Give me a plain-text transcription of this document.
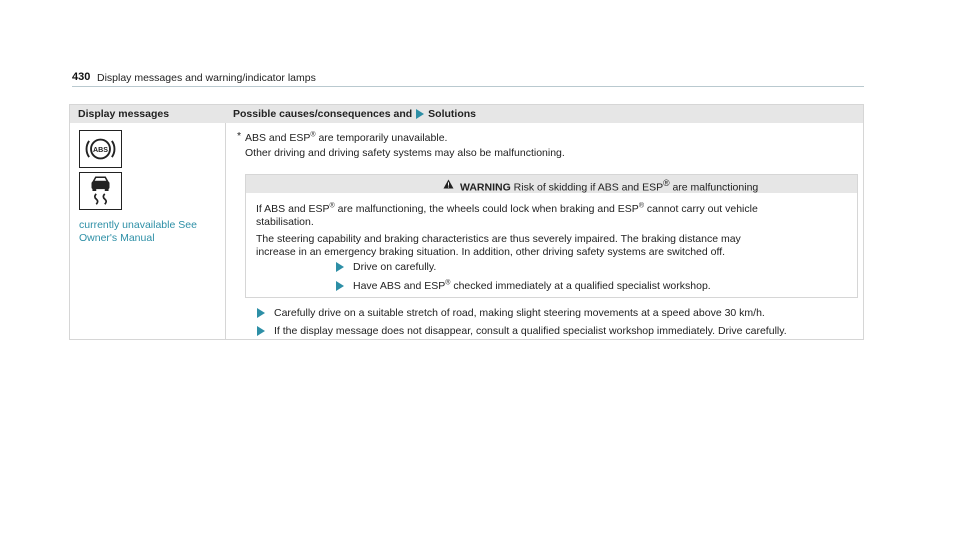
430 Display messages and warning/indicator lamps
Display messages	Possible causes/consequences and Solutions
ABS
currently unavailable See
Owner's Manual
* ABS and ESP® are temporarily unavailable.
Other driving and driving safety systems may also be malfunctioning.
WARNING Risk of skidding if ABS and ESP® are malfunctioning
If ABS and ESP® are malfunctioning, the wheels could lock when braking and ESP® cannot carry out vehicle
stabilisation.
The steering capability and braking characteristics are thus severely impaired. The braking distance may
increase in an emergency braking situation. In addition, other driving safety systems are switched off.
Drive on carefully.
Have ABS and ESP® checked immediately at a qualified specialist workshop.
Carefully drive on a suitable stretch of road, making slight steering movements at a speed above 30 km/h.
If the display message does not disappear, consult a qualified specialist workshop immediately. Drive carefully.
